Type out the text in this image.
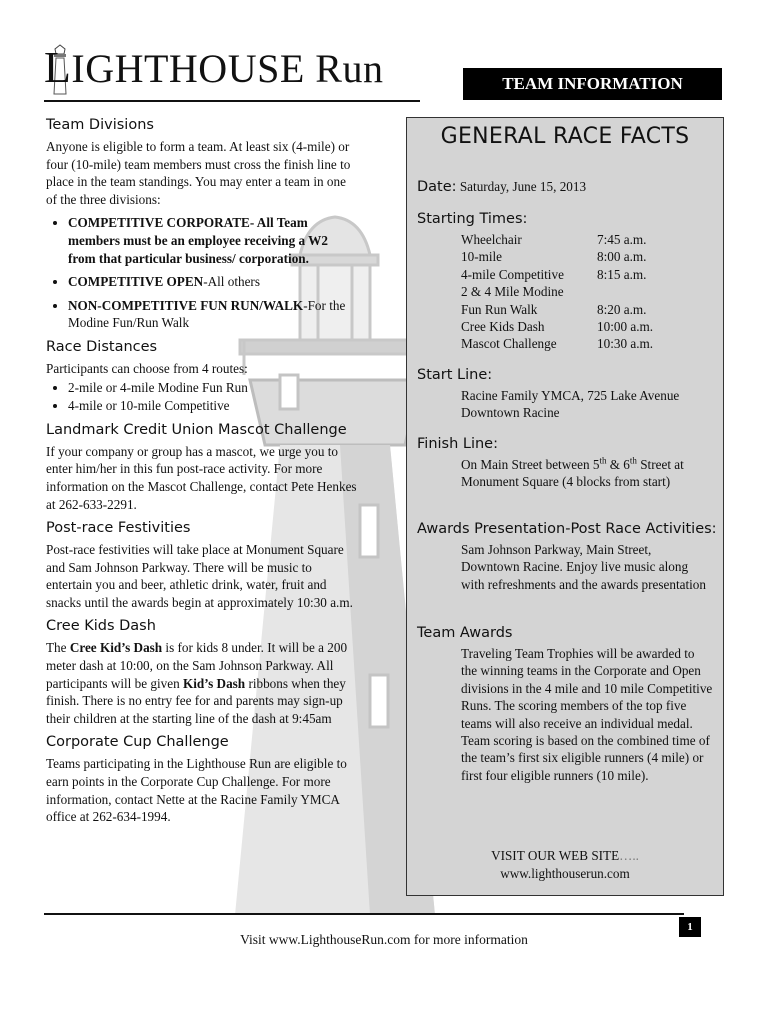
LIGHTHOUSE Run	TEAM INFORMATION
Team Divisions

Anyone is eligible to form a team. At least six (4-mile) or four (10-mile) team members must cross the finish line to place in the team standings. You may enter a team in one of the three divisions:

• COMPETITIVE CORPORATE- All Team members must be an employee receiving a W2 from that particular business/ corporation.
• COMPETITIVE OPEN-All others
• NON-COMPETITIVE FUN RUN/WALK-For the Modine Fun/Run Walk
Race Distances
Participants can choose from 4 routes:
• 2-mile or 4-mile Modine Fun Run
• 4-mile or 10-mile Competitive
Landmark Credit Union Mascot Challenge

If your company or group has a mascot, we urge you to enter him/her in this fun post-race activity. For more information on the Mascot Challenge, contact Pete Henkes at 262-633-2291.

Post-race Festivities

Post-race festivities will take place at Monument Square and Sam Johnson Parkway. There will be music to entertain you and beer, athletic drink, water, fruit and snacks until the awards begin at approximately 10:30 a.m.

Cree Kids Dash

The Cree Kid’s Dash is for kids 8 under. It will be a 200 meter dash at 10:00, on the Sam Johnson Parkway. All participants will be given Kid’s Dash ribbons when they finish. There is no entry fee for and parents may sign-up their children at the starting line of the dash at 9:45am

Corporate Cup Challenge

Teams participating in the Lighthouse Run are eligible to earn points in the Corporate Cup Challenge. For more information, contact Nette at the Racine Family YMCA office at 262-634-1994.

GENERAL RACE FACTS
Date: Saturday, June 15, 2013
Starting Times:
Wheelchair	7:45 a.m.
10-mile	8:00 a.m.
4-mile Competitive	8:15 a.m.
2 & 4 Mile Modine
Fun Run Walk	8:20 a.m.
Cree Kids Dash	10:00 a.m.
Mascot Challenge	10:30 a.m.
Start Line:
Racine Family YMCA, 725 Lake Avenue
Downtown Racine
Finish Line:
On Main Street between 5th & 6th Street at Monument Square (4 blocks from start)
Awards Presentation-Post Race Activities:
Sam Johnson Parkway, Main Street, Downtown Racine. Enjoy live music along with refreshments and the awards presentation
Team Awards
Traveling Team Trophies will be awarded to the winning teams in the Corporate and Open divisions in the 4 mile and 10 mile Competitive Runs. The scoring members of the top five teams will also receive an individual medal. Team scoring is based on the combined time of the team’s first six eligible runners (4 mile) or first four eligible runners (10 mile).
VISIT OUR WEB SITE…..
www.lighthouserun.com
1
Visit www.LighthouseRun.com for more information
